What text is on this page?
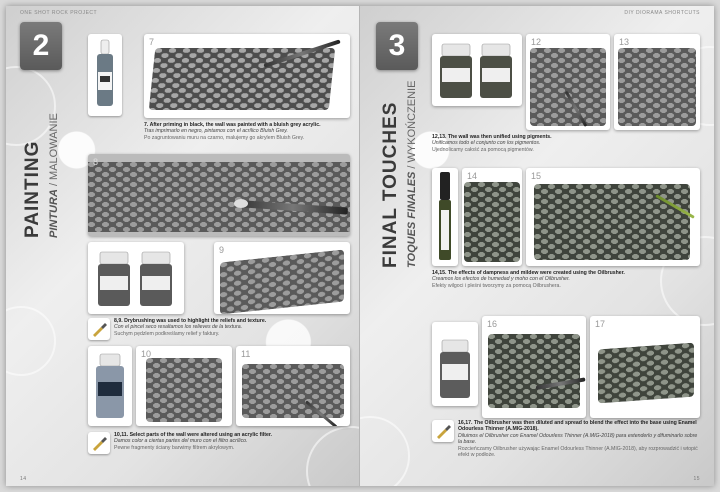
ONE SHOT ROCK PROJECT
2
PAINTING PINTURA / MALOWANIE
7
7. After priming in black, the wall was painted with a bluish grey acrylic.
Tras imprimarlo en negro, pintamos con el acrílico Bluish Grey.
Po zagruntowaniu muru na czarno, malujemy go akrylem Bluish Grey.
8
9
8,9. Drybrushing was used to highlight the reliefs and texture.
Con el pincel seco resaltamos los relieves de la textura.
Suchym pędzlem podkreślamy relief y faktury.
10	11
10,11. Select parts of the wall were altered using an acrylic filter.
Damos color a ciertas partes del muro con el filtro acrílico.
Pewne fragmenty ściany barwimy filtrem akrylowym.
14
DIY DIORAMA SHORTCUTS
3
FINAL TOUCHES TOQUES FINALES / WYKOŃCZENIE
12	13
12,13. The wall was then unified using pigments.
Unificamos todo el conjunto con los pigmentos.
Ujednolicamy całość za pomocą pigmentów.
14	15
14,15. The effects of dampness and mildew were created using the Oilbrusher.
Creamos los efectos de humedad y moho con el Oilbrusher.
Efekty wilgoci i pleśni tworzymy za pomocą Oilbrushera.
16	17
16,17. The Oilbrusher was then diluted and spread to blend the effect into the base using Enamel Odourless Thinner (A.MIG-2018).
Diluimos el Oilbrusher con Enamel Odourless Thinner (A.MIG-2018) para extenderlo y difuminarlo sobre la base.
Rozcieńczamy Oilbrusher używając Enamel Odourless Thinner (A.MIG-2018), aby rozprowadzić i wtopić efekt w podłoże.
15
